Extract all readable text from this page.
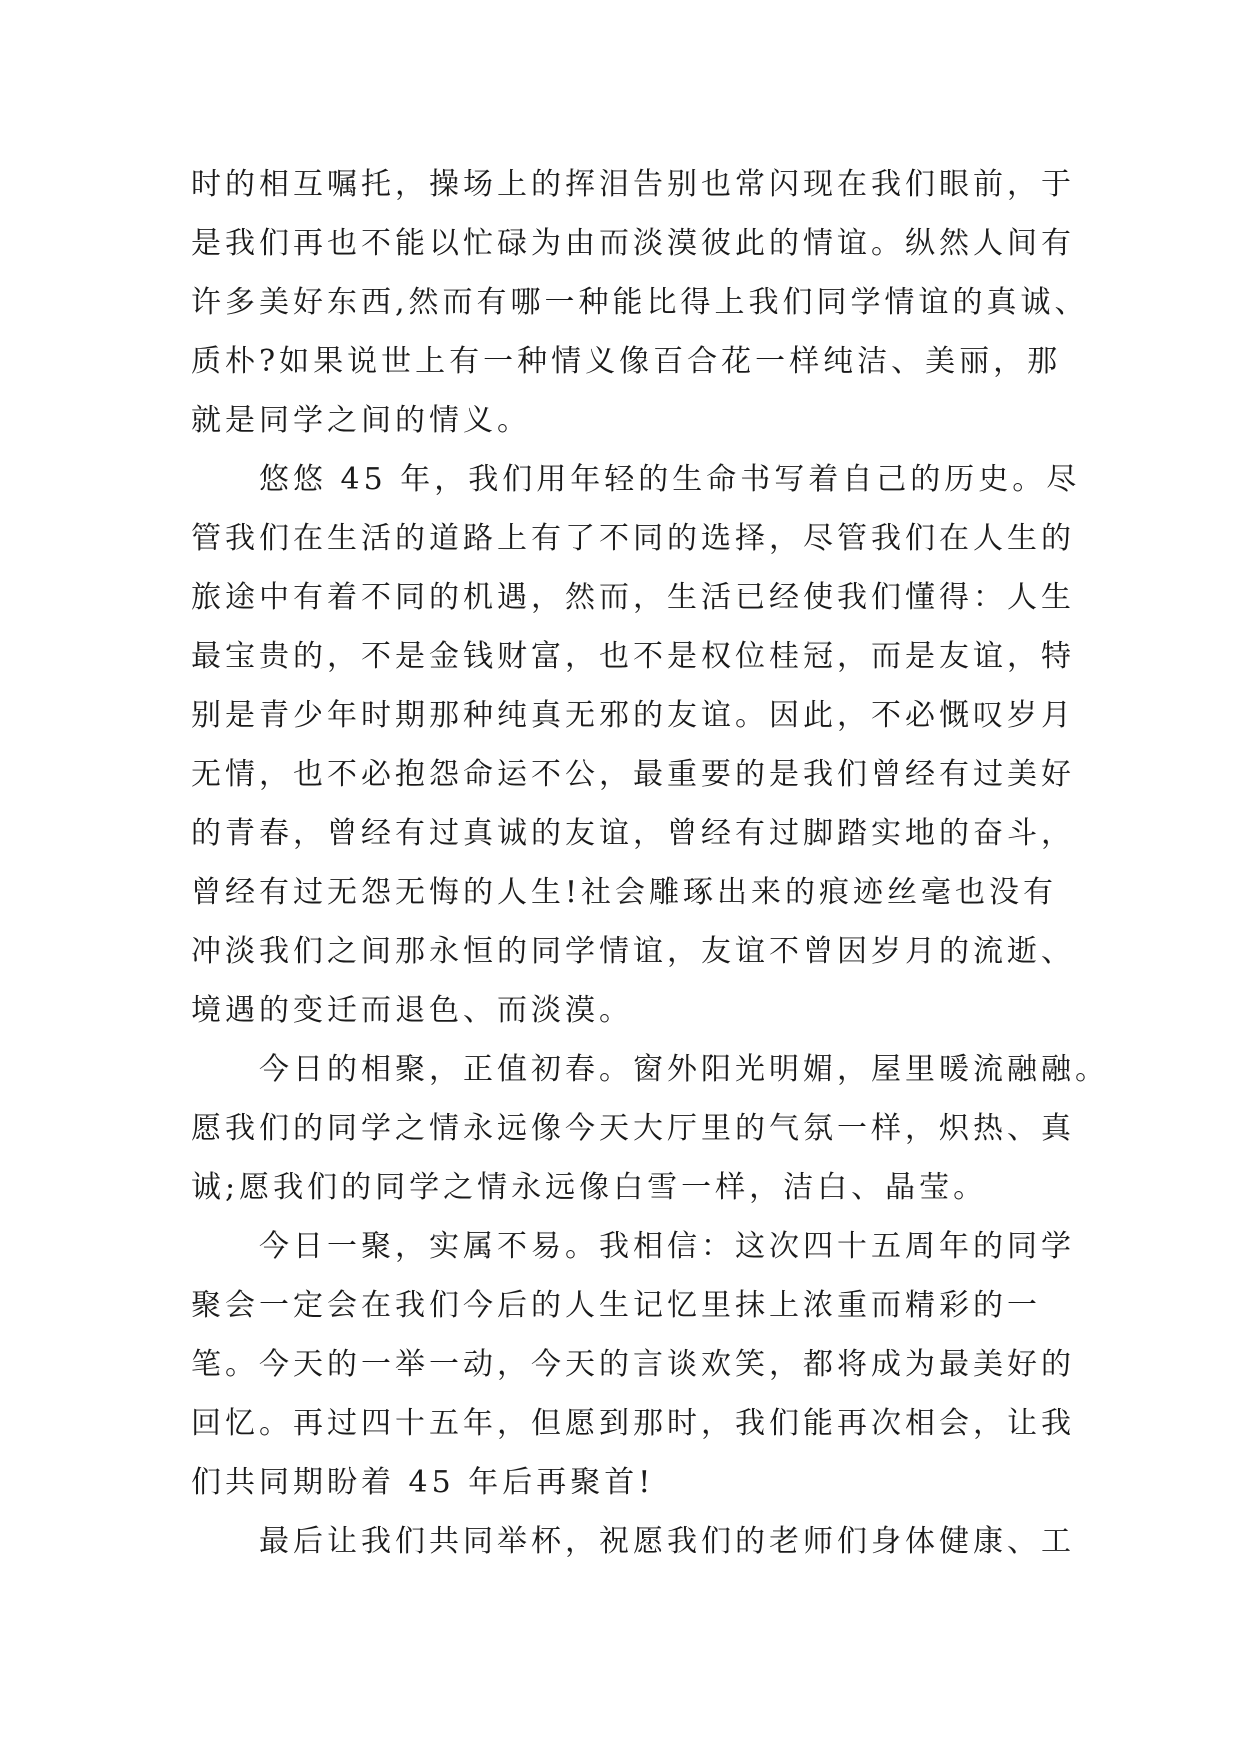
时的相互嘱托，操场上的挥泪告别也常闪现在我们眼前，于
是我们再也不能以忙碌为由而淡漠彼此的情谊。纵然人间有
许多美好东西,然而有哪一种能比得上我们同学情谊的真诚、
质朴?如果说世上有一种情义像百合花一样纯洁、美丽，那
就是同学之间的情义。
悠悠 45 年，我们用年轻的生命书写着自己的历史。尽
管我们在生活的道路上有了不同的选择，尽管我们在人生的
旅途中有着不同的机遇，然而，生活已经使我们懂得：人生
最宝贵的，不是金钱财富，也不是权位桂冠，而是友谊，特
别是青少年时期那种纯真无邪的友谊。因此，不必慨叹岁月
无情，也不必抱怨命运不公，最重要的是我们曾经有过美好
的青春，曾经有过真诚的友谊，曾经有过脚踏实地的奋斗，
曾经有过无怨无悔的人生!社会雕琢出来的痕迹丝毫也没有
冲淡我们之间那永恒的同学情谊，友谊不曾因岁月的流逝、
境遇的变迁而退色、而淡漠。
今日的相聚，正值初春。窗外阳光明媚，屋里暖流融融。
愿我们的同学之情永远像今天大厅里的气氛一样，炽热、真
诚;愿我们的同学之情永远像白雪一样，洁白、晶莹。
今日一聚，实属不易。我相信：这次四十五周年的同学
聚会一定会在我们今后的人生记忆里抹上浓重而精彩的一
笔。今天的一举一动，今天的言谈欢笑，都将成为最美好的
回忆。再过四十五年，但愿到那时，我们能再次相会，让我
们共同期盼着 45 年后再聚首!
最后让我们共同举杯，祝愿我们的老师们身体健康、工
